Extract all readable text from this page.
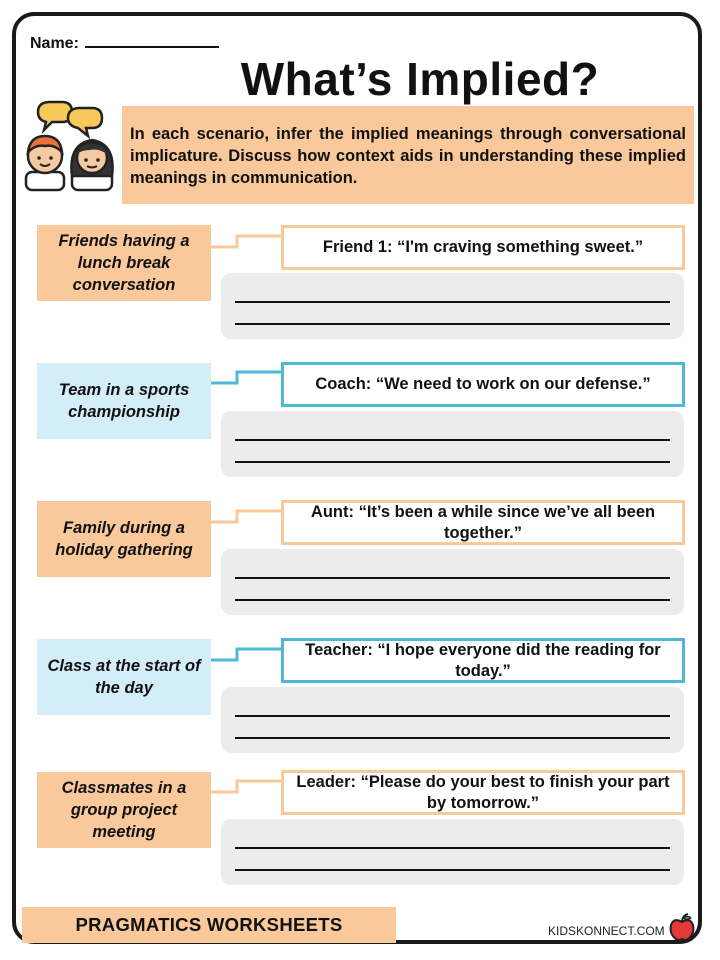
Name:
What’s Implied?
In each scenario, infer the implied meanings through conversational implicature. Discuss how context aids in understanding these implied meanings in communication.
Friends having a lunch break conversation
Friend 1: “I'm craving something sweet.”
Team in a sports championship
Coach: “We need to work on our defense.”
Family during a holiday gathering
Aunt: “It’s been a while since we’ve all been together.”
Class at the start of the day
Teacher: “I hope everyone did the reading for today.”
Classmates in a group project meeting
Leader: “Please do your best to finish your part by tomorrow.”
PRAGMATICS WORKSHEETS	KIDSKONNECT.COM
